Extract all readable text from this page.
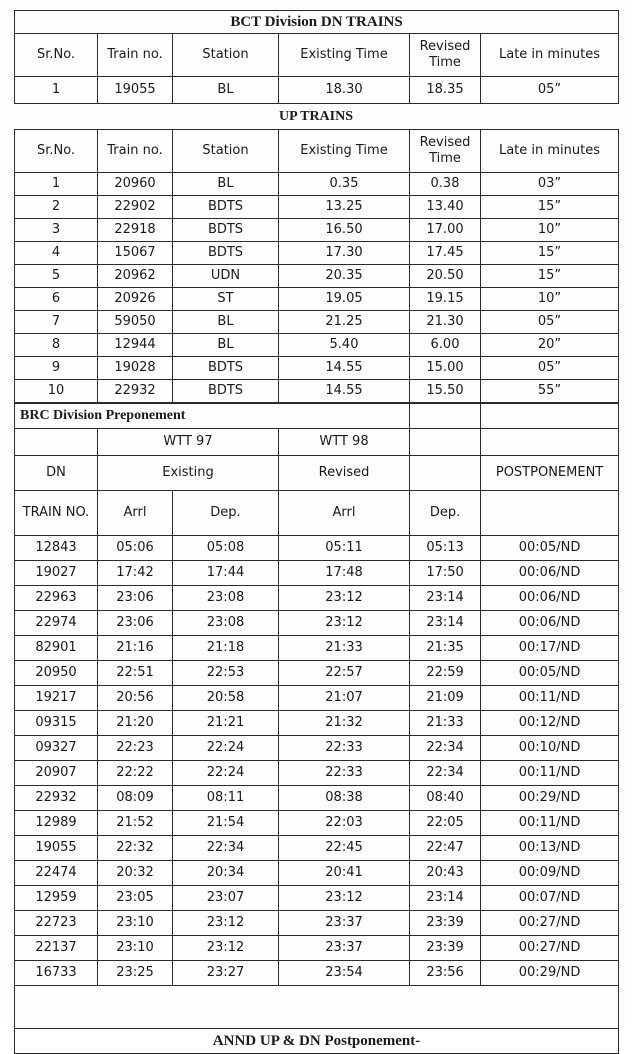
BCT Division DN TRAINS					
Sr.No.	Train no.	Station	Existing Time	Revised Time	Late in minutes
1	19055	BL	18.30	18.35	05”
UP TRAINS
Sr.No.	Train no.	Station	Existing Time	Revised Time	Late in minutes
1	20960	BL	0.35	0.38	03”
2	22902	BDTS	13.25	13.40	15”
3	22918	BDTS	16.50	17.00	10”
4	15067	BDTS	17.30	17.45	15”
5	20962	UDN	20.35	20.50	15”
6	20926	ST	19.05	19.15	10”
7	59050	BL	21.25	21.30	05”
8	12944	BL	5.40	6.00	20”
9	19028	BDTS	14.55	15.00	05”
10	22932	BDTS	14.55	15.50	55”
BRC Division Preponement					
	WTT 97		WTT 98		
DN	Existing		Revised		POSTPONEMENT
TRAIN NO.	Arrl	Dep.	Arrl	Dep.	
12843	05:06	05:08	05:11	05:13	00:05/ND
19027	17:42	17:44	17:48	17:50	00:06/ND
22963	23:06	23:08	23:12	23:14	00:06/ND
22974	23:06	23:08	23:12	23:14	00:06/ND
82901	21:16	21:18	21:33	21:35	00:17/ND
20950	22:51	22:53	22:57	22:59	00:05/ND
19217	20:56	20:58	21:07	21:09	00:11/ND
09315	21:20	21:21	21:32	21:33	00:12/ND
09327	22:23	22:24	22:33	22:34	00:10/ND
20907	22:22	22:24	22:33	22:34	00:11/ND
22932	08:09	08:11	08:38	08:40	00:29/ND
12989	21:52	21:54	22:03	22:05	00:11/ND
19055	22:32	22:34	22:45	22:47	00:13/ND
22474	20:32	20:34	20:41	20:43	00:09/ND
12959	23:05	23:07	23:12	23:14	00:07/ND
22723	23:10	23:12	23:37	23:39	00:27/ND
22137	23:10	23:12	23:37	23:39	00:27/ND
16733	23:25	23:27	23:54	23:56	00:29/ND

ANND UP & DN Postponement-					
